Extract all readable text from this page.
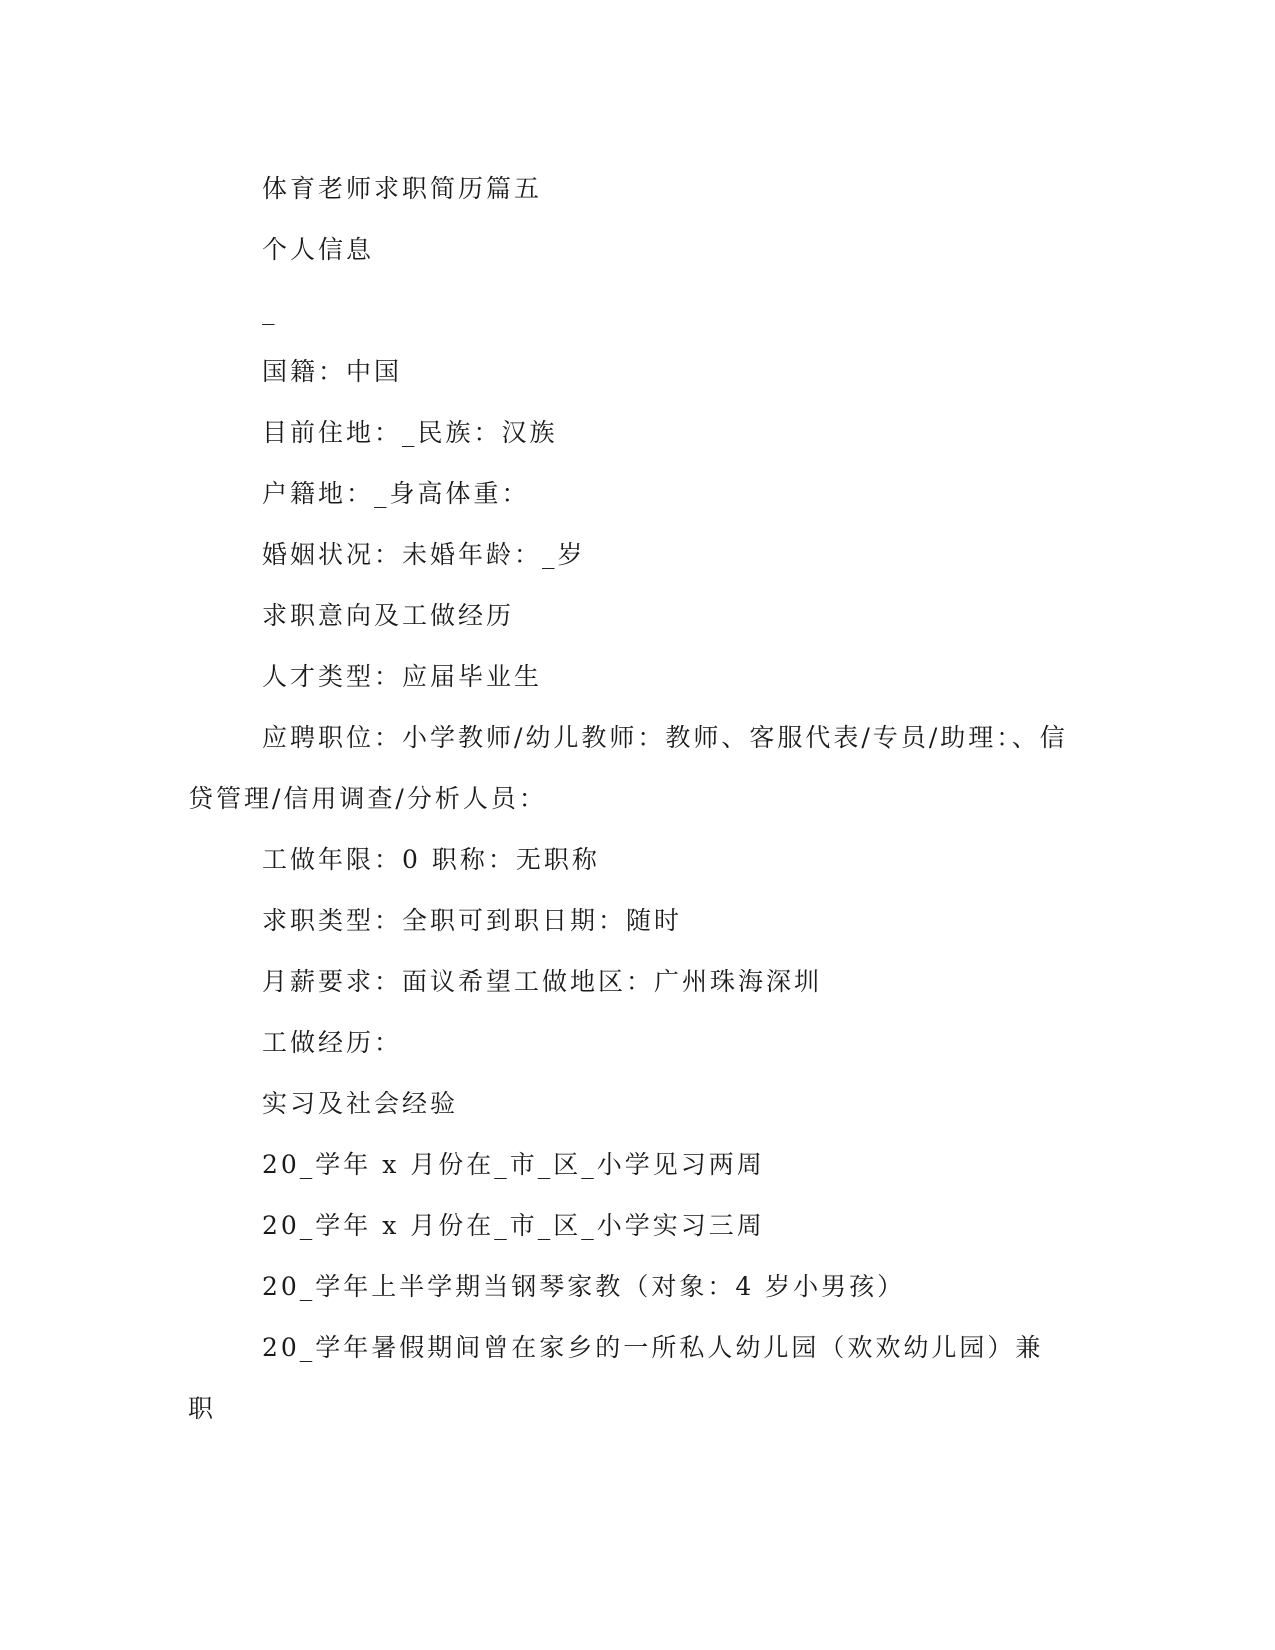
体育老师求职简历篇五
个人信息
_
国籍：中国
目前住地：_民族：汉族
户籍地：_身高体重：
婚姻状况：未婚年龄：_岁
求职意向及工做经历
人才类型：应届毕业生
应聘职位：小学教师/幼儿教师：教师、客服代表/专员/助理：、信贷管理/信用调查/分析人员：
工做年限：0 职称：无职称
求职类型：全职可到职日期：随时
月薪要求：面议希望工做地区：广州珠海深圳
工做经历：
实习及社会经验
20_学年 x 月份在_市_区_小学见习两周
20_学年 x 月份在_市_区_小学实习三周
20_学年上半学期当钢琴家教（对象：4 岁小男孩）
20_学年暑假期间曾在家乡的一所私人幼儿园（欢欢幼儿园）兼职
